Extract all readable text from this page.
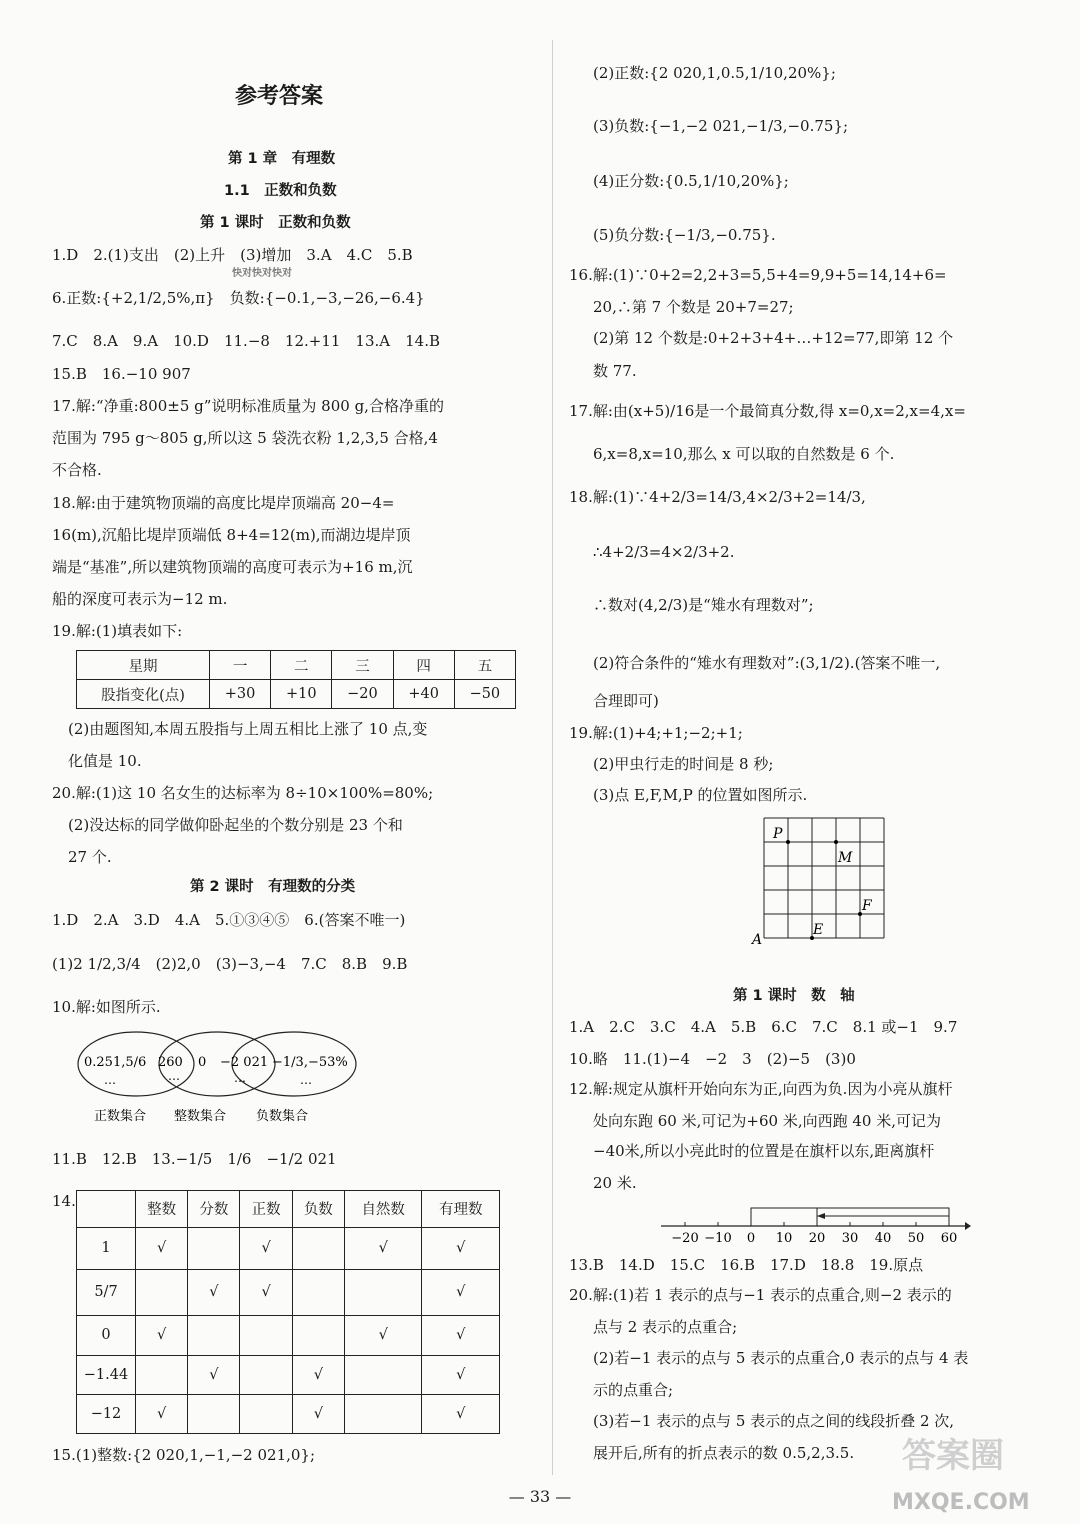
参考答案
第 1 章　有理数
1.1　正数和负数
第 1 课时　正数和负数
1.D　2.(1)支出　(2)上升　(3)增加　3.A　4.C　5.B
6.正数:{+2,1/2,5%,π}　负数:{−0.1,−3,−26,−6.4}
7.C　8.A　9.A　10.D　11.−8　12.+11　13.A　14.B
15.B　16.−10 907
17.解:“净重:800±5 g”说明标准质量为 800 g,合格净重的
范围为 795 g～805 g,所以这 5 袋洗衣粉 1,2,3,5 合格,4
不合格.
18.解:由于建筑物顶端的高度比堤岸顶端高 20−4=
16(m),沉船比堤岸顶端低 8+4=12(m),而湖边堤岸顶
端是“基准”,所以建筑物顶端的高度可表示为+16 m,沉
船的深度可表示为−12 m.
19.解:(1)填表如下:
星期	一	二	三	四	五
股指变化(点)	+30	+10	−20	+40	−50
(2)由题图知,本周五股指与上周五相比上涨了 10 点,变
化值是 10.
20.解:(1)这 10 名女生的达标率为 8÷10×100%=80%;
(2)没达标的同学做仰卧起坐的个数分别是 23 个和
27 个.
第 2 课时　有理数的分类
1.D　2.A　3.D　4.A　5.①③④⑤　6.(答案不唯一)
(1)2 1/2,3/4　(2)2,0　(3)−3,−4　7.C　8.B　9.B
10.解:如图所示.
0.251,5/6
…
260
…
0 −2 021
…
−1/3,−53%
…
正数集合 整数集合 负数集合
11.B　12.B　13.−1/5　1/6　−1/2 021
14.
	整数	分数	正数	负数	自然数	有理数
1	√		√		√	√
5/7		√	√			√
0	√				√	√
−1.44		√		√		√
−12	√			√		√
15.(1)整数:{2 020,1,−1,−2 021,0};
(2)正数:{2 020,1,0.5,1/10,20%};
(3)负数:{−1,−2 021,−1/3,−0.75};
(4)正分数:{0.5,1/10,20%};
(5)负分数:{−1/3,−0.75}.
16.解:(1)∵0+2=2,2+3=5,5+4=9,9+5=14,14+6=
20,∴第 7 个数是 20+7=27;
(2)第 12 个数是:0+2+3+4+…+12=77,即第 12 个
数 77.
17.解:由(x+5)/16是一个最简真分数,得 x=0,x=2,x=4,x=
6,x=8,x=10,那么 x 可以取的自然数是 6 个.
18.解:(1)∵4+2/3=14/3,4×2/3+2=14/3,
∴4+2/3=4×2/3+2.
∴数对(4,2/3)是“雉水有理数对”;
(2)符合条件的“雉水有理数对”:(3,1/2).(答案不唯一,
合理即可)
19.解:(1)+4;+1;−2;+1;
(2)甲虫行走的时间是 8 秒;
(3)点 E,F,M,P 的位置如图所示.
P
M
F
E
A
第 1 课时　数　轴
1.A　2.C　3.C　4.A　5.B　6.C　7.C　8.1 或−1　9.7
10.略　11.(1)−4　−2　3　(2)−5　(3)0
12.解:规定从旗杆开始向东为正,向西为负.因为小亮从旗杆
处向东跑 60 米,可记为+60 米,向西跑 40 米,可记为
−40米,所以小亮此时的位置是在旗杆以东,距离旗杆
20 米.
−20 −10 0 10 20 30 40 50 60
13.B　14.D　15.C　16.B　17.D　18.8　19.原点
20.解:(1)若 1 表示的点与−1 表示的点重合,则−2 表示的
点与 2 表示的点重合;
(2)若−1 表示的点与 5 表示的点重合,0 表示的点与 4 表
示的点重合;
(3)若−1 表示的点与 5 表示的点之间的线段折叠 2 次,
展开后,所有的折点表示的数 0.5,2,3.5.
— 33 —
快对快对快对
MXQE.COM
答案圈
